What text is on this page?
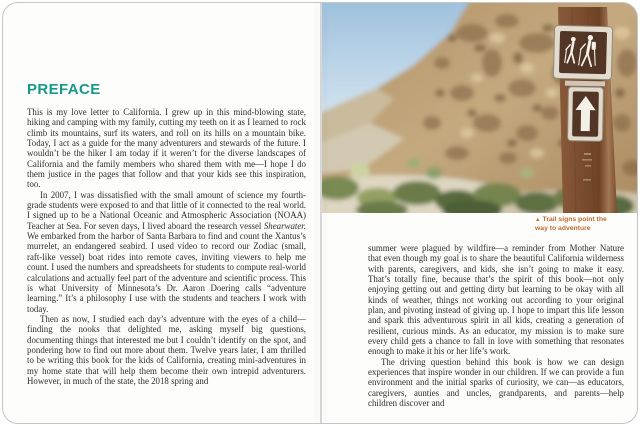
PREFACE

This is my love letter to California. I grew up in this mind-blowing state, hiking and camping with my family, cutting my teeth on it as I learned to rock climb its mountains, surf its waters, and roll on its hills on a mountain bike. Today, I act as a guide for the many adventurers and stewards of the future. I wouldn’t be the hiker I am today if it weren’t for the diverse landscapes of California and the family members who shared them with me—I hope I do them justice in the pages that follow and that your kids see this inspiration, too.

In 2007, I was dissatisfied with the small amount of science my fourth-grade students were exposed to and that little of it connected to the real world. I signed up to be a National Oceanic and Atmospheric Association (NOAA) Teacher at Sea. For seven days, I lived aboard the research vessel Shearwater. We embarked from the harbor of Santa Barbara to find and count the Xantus’s murrelet, an endangered seabird. I used video to record our Zodiac (small, raft-like vessel) boat rides into remote caves, inviting viewers to help me count. I used the numbers and spreadsheets for students to compute real-world calculations and actually feel part of the adventure and scientific process. This is what University of Minnesota’s Dr. Aaron Doering calls “adventure learning.” It’s a philosophy I use with the students and teachers I work with today.

Then as now, I studied each day’s adventure with the eyes of a child—finding the nooks that delighted me, asking myself big questions, documenting things that interested me but I couldn’t identify on the spot, and pondering how to find out more about them. Twelve years later, I am thrilled to be writing this book for the kids of California, creating mini-adventures in my home state that will help them become their own intrepid adventurers. However, in much of the state, the 2018 spring and

▲ Trail signs point the way to adventure

summer were plagued by wildfire—a reminder from Mother Nature that even though my goal is to share the beautiful California wilderness with parents, caregivers, and kids, she isn’t going to make it easy. That’s totally fine, because that’s the spirit of this book—not only enjoying getting out and getting dirty but learning to be okay with all kinds of weather, things not working out according to your original plan, and pivoting instead of giving up. I hope to impart this life lesson and spark this adventurous spirit in all kids, creating a generation of resilient, curious minds. As an educator, my mission is to make sure every child gets a chance to fall in love with something that resonates enough to make it his or her life’s work.

The driving question behind this book is how we can design experiences that inspire wonder in our children. If we can provide a fun environment and the initial sparks of curiosity, we can—as educators, caregivers, aunties and uncles, grandparents, and parents—help children discover and
